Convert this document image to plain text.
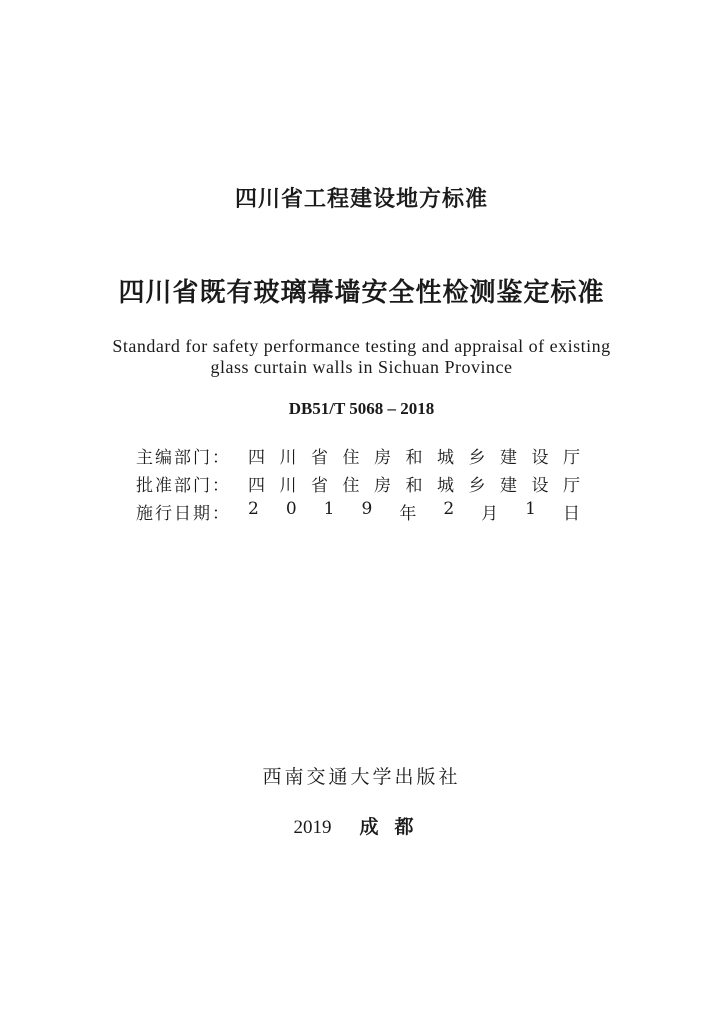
四川省工程建设地方标准
四川省既有玻璃幕墙安全性检测鉴定标准
Standard for safety performance testing and appraisal of existing
glass curtain walls in Sichuan Province
DB51/T 5068 – 2018
主编部门：	四 川 省 住 房 和 城 乡 建 设 厅
批准部门：	四 川 省 住 房 和 城 乡 建 设 厅
施行日期：	2 0 1 9 年 2 月 1 日
西南交通大学出版社
2019 成都
